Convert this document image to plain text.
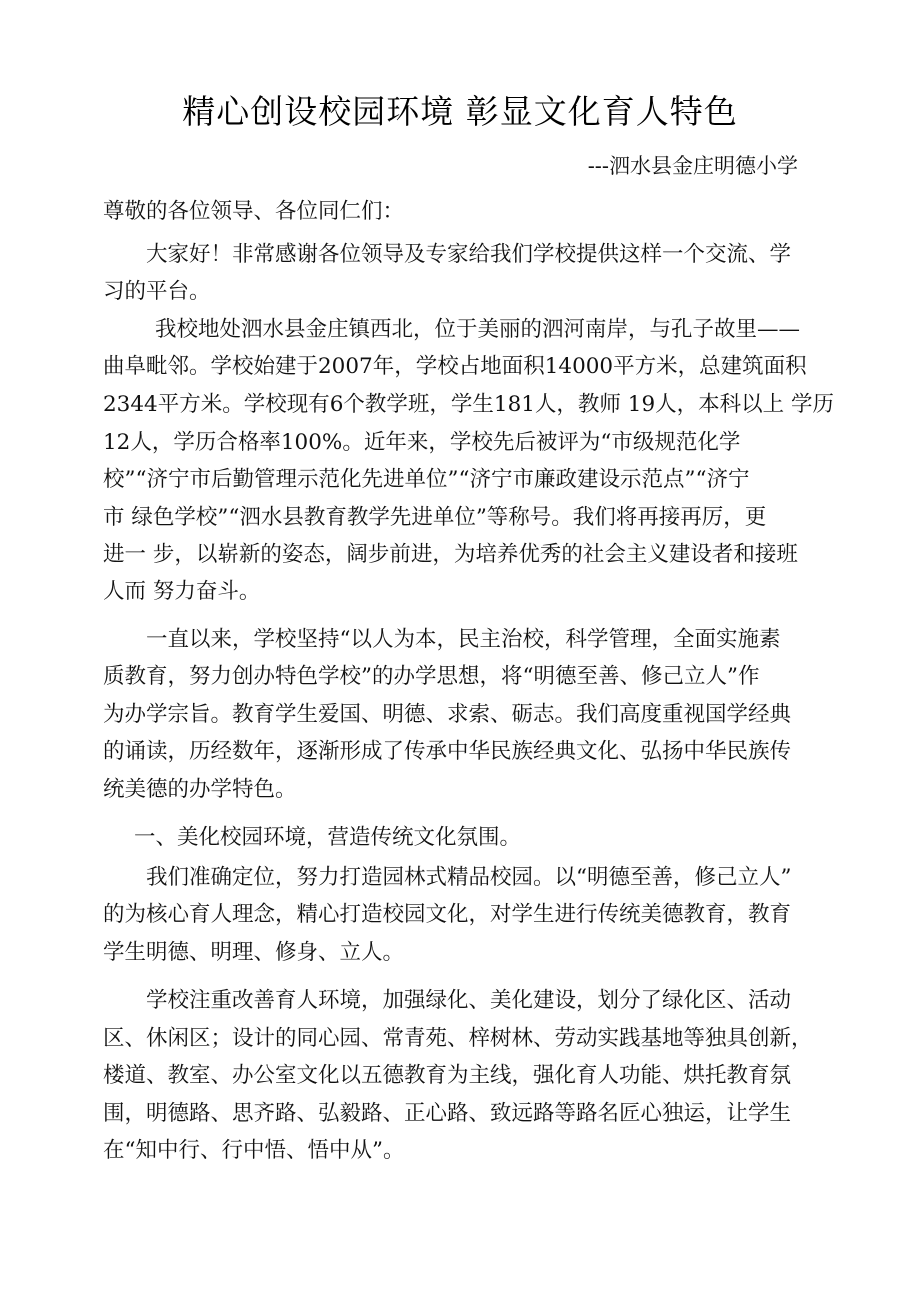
精心创设校园环境 彰显文化育人特色
---泗水县金庄明德小学
尊敬的各位领导、各位同仁们：
大家好！非常感谢各位领导及专家给我们学校提供这样一个交流、学
习的平台。
我校地处泗水县金庄镇西北，位于美丽的泗河南岸，与孔子故里——
曲阜毗邻。学校始建于2007年，学校占地面积14000平方米，总建筑面积
2344平方米。学校现有6个教学班，学生181人，教师 19人，本科以上 学历
12人，学历合格率100%。近年来，学校先后被评为“市级规范化学
校”“济宁市后勤管理示范化先进单位”“济宁市廉政建设示范点”“济宁
市 绿色学校”“泗水县教育教学先进单位”等称号。我们将再接再厉，更
进一 步，以崭新的姿态，阔步前进，为培养优秀的社会主义建设者和接班
人而 努力奋斗。
一直以来，学校坚持“以人为本，民主治校，科学管理，全面实施素
质教育，努力创办特色学校”的办学思想，将“明德至善、修己立人”作
为办学宗旨。教育学生爱国、明德、求索、砺志。我们高度重视国学经典
的诵读，历经数年，逐渐形成了传承中华民族经典文化、弘扬中华民族传
统美德的办学特色。
一、美化校园环境，营造传统文化氛围。
我们准确定位，努力打造园林式精品校园。以“明德至善，修己立人”
的为核心育人理念，精心打造校园文化，对学生进行传统美德教育，教育
学生明德、明理、修身、立人。
学校注重改善育人环境，加强绿化、美化建设，划分了绿化区、活动
区、休闲区；设计的同心园、常青苑、梓树林、劳动实践基地等独具创新，
楼道、教室、办公室文化以五德教育为主线，强化育人功能、烘托教育氛
围，明德路、思齐路、弘毅路、正心路、致远路等路名匠心独运，让学生
在“知中行、行中悟、悟中从”。
